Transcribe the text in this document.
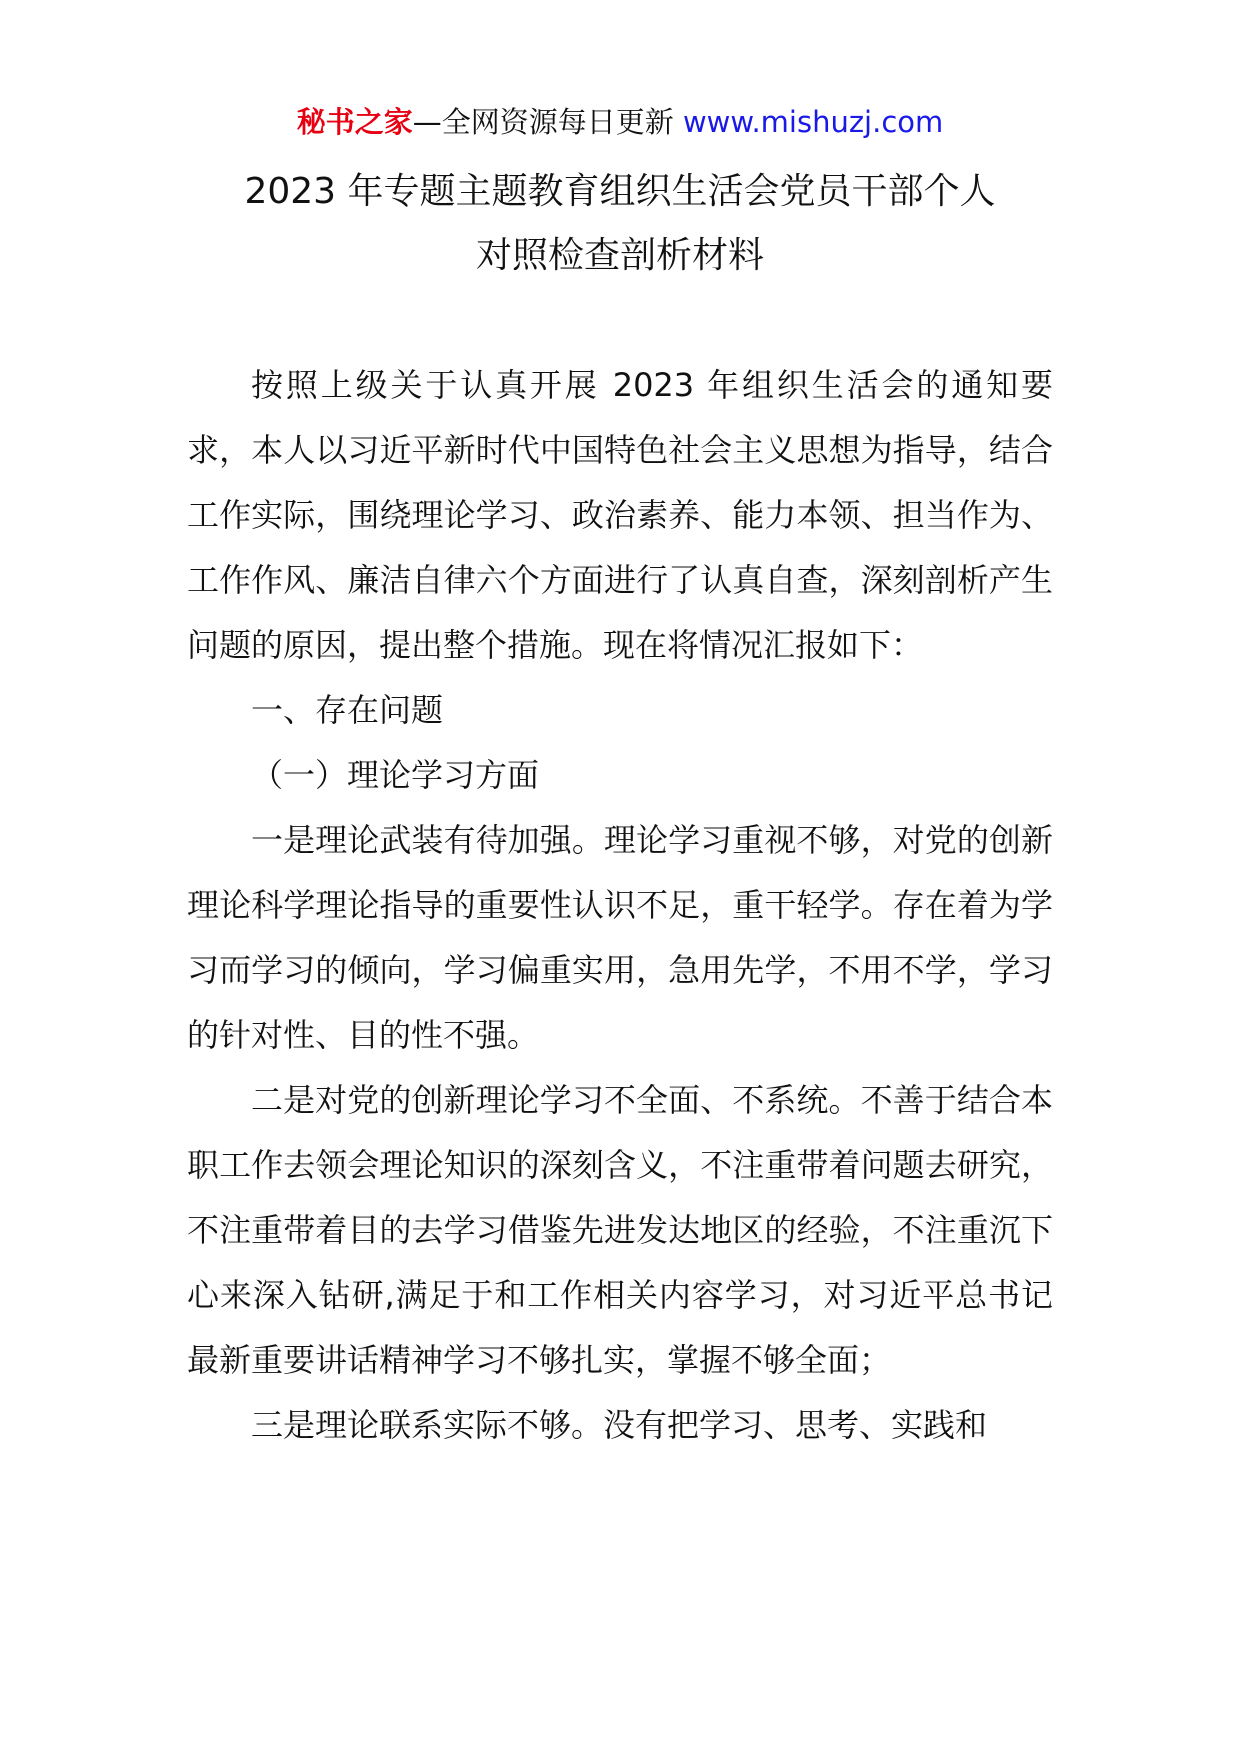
秘书之家—全网资源每日更新 www.mishuzj.com
2023 年专题主题教育组织生活会党员干部个人
对照检查剖析材料

按照上级关于认真开展 2023 年组织生活会的通知要求，本人以习近平新时代中国特色社会主义思想为指导，结合工作实际，围绕理论学习、政治素养、能力本领、担当作为、工作作风、廉洁自律六个方面进行了认真自查，深刻剖析产生问题的原因，提出整个措施。现在将情况汇报如下：

一、存在问题

（一）理论学习方面

一是理论武装有待加强。理论学习重视不够，对党的创新理论科学理论指导的重要性认识不足，重干轻学。存在着为学习而学习的倾向，学习偏重实用，急用先学，不用不学，学习的针对性、目的性不强。

二是对党的创新理论学习不全面、不系统。不善于结合本职工作去领会理论知识的深刻含义，不注重带着问题去研究，不注重带着目的去学习借鉴先进发达地区的经验，不注重沉下心来深入钻研,满足于和工作相关内容学习，对习近平总书记最新重要讲话精神学习不够扎实，掌握不够全面；

三是理论联系实际不够。没有把学习、思考、实践和
